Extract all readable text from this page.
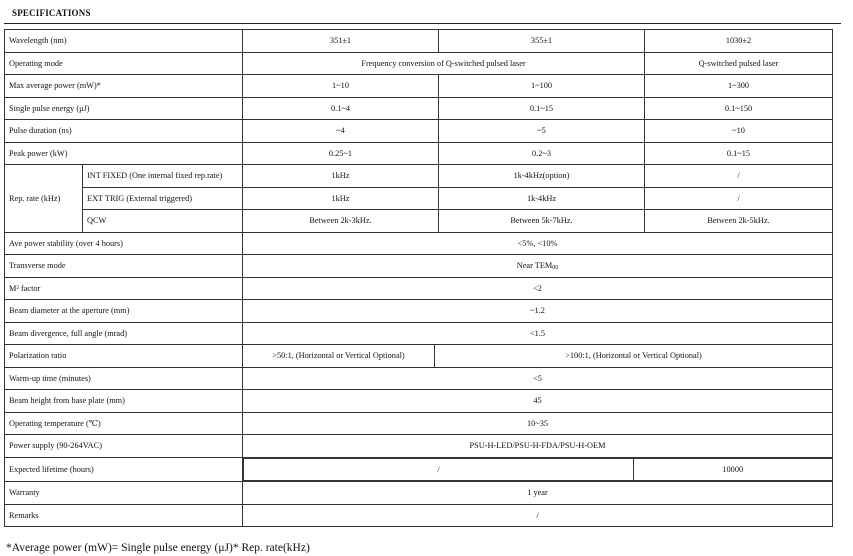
SPECIFICATIONS
Wavelength (nm)	351±1	355±1	1030±2
Operating mode	Frequency conversion of Q-switched pulsed laser	Q-switched pulsed laser
Max average power (mW)*	1~10	1~100	1~300
Single pulse energy (μJ)	0.1~4	0.1~15	0.1~150
Pulse duration (ns)	~4	~5	~10
Peak power (kW)	0.25~1	0.2~3	0.1~15
Rep. rate (kHz)	INT FIXED (One internal fixed rep.rate)	1kHz	1k-4kHz(option)	/
EXT TRIG (External triggered)	1kHz	1k-4kHz	/
QCW	Between 2k-3kHz.	Between 5k-7kHz.	Between 2k-5kHz.
Ave power stability (over 4 hours)	<5%, <10%
Transverse mode	Near TEM00
M² factor	<2
Beam diameter at the aperture (mm)	~1.2
Beam divergence, full angle (mrad)	<1.5
Polarization ratio	>50:1, (Horizontal or Vertical Optional)	>100:1, (Horizontal or Vertical Optional)
Warm-up time (minutes)	<5
Beam height from base plate (mm)	45
Operating temperature (℃)	10~35
Power supply (90-264VAC)	PSU-H-LED/PSU-H-FDA/PSU-H-OEM
Expected lifetime (hours)		/	10000

Warranty	1 year
Remarks	/
*Average power (mW)= Single pulse energy (μJ)* Rep. rate(kHz)
